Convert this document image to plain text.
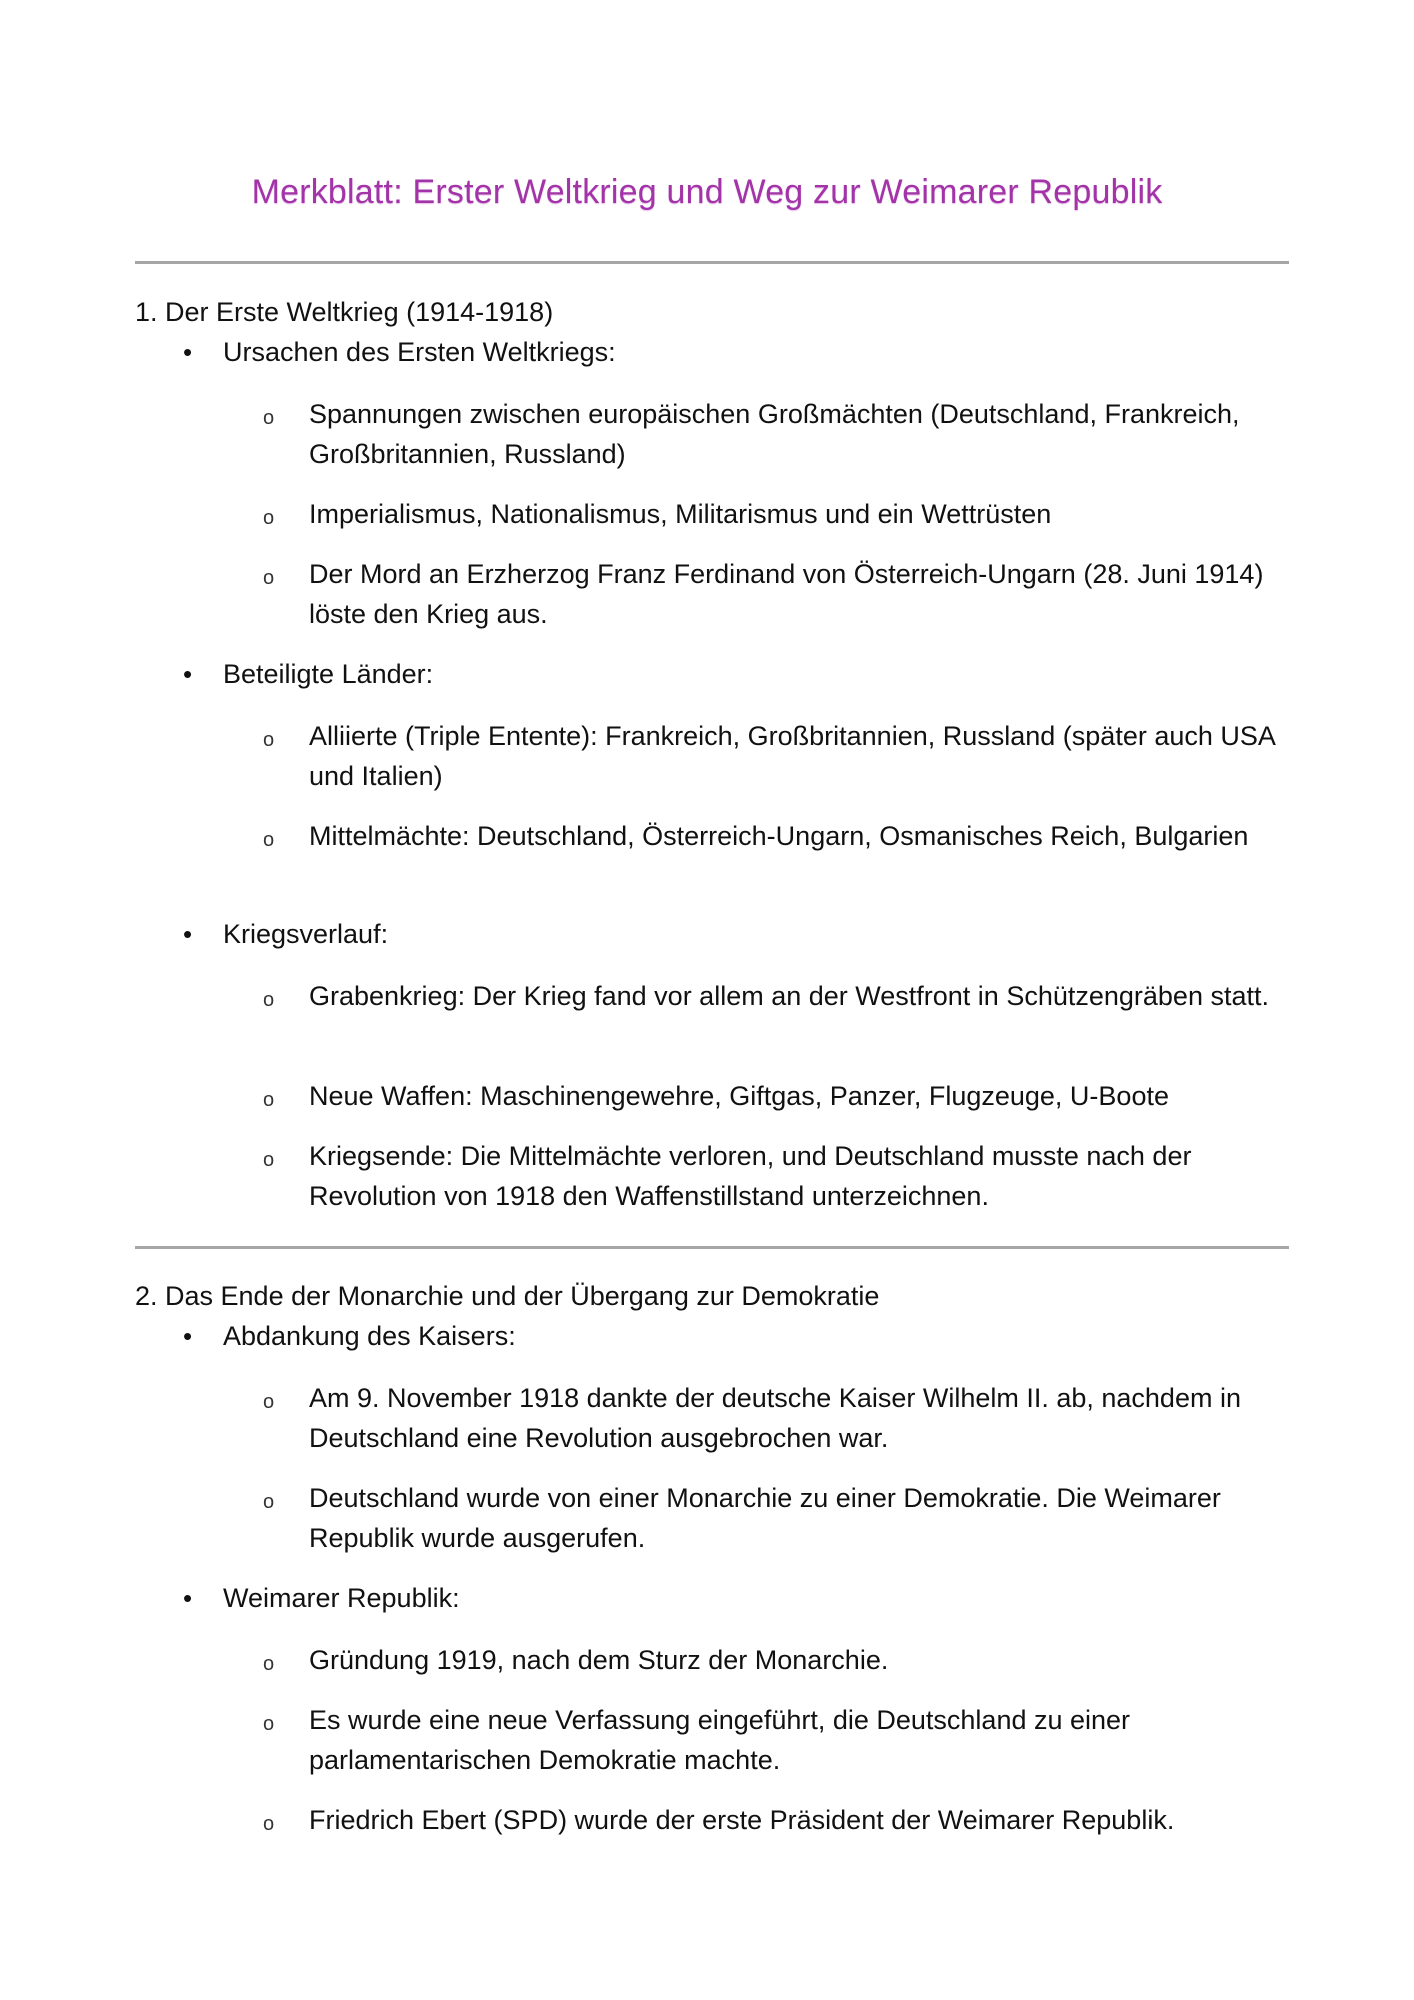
Merkblatt: Erster Weltkrieg und Weg zur Weimarer Republik
1. Der Erste Weltkrieg (1914-1918)
• Ursachen des Ersten Weltkriegs:
o Spannungen zwischen europäischen Großmächten (Deutschland, Frankreich, Großbritannien, Russland)
o Imperialismus, Nationalismus, Militarismus und ein Wettrüsten
o Der Mord an Erzherzog Franz Ferdinand von Österreich-Ungarn (28. Juni 1914) löste den Krieg aus.
• Beteiligte Länder:
o Alliierte (Triple Entente): Frankreich, Großbritannien, Russland (später auch USA und Italien)
o Mittelmächte: Deutschland, Österreich-Ungarn, Osmanisches Reich, Bulgarien
• Kriegsverlauf:
o Grabenkrieg: Der Krieg fand vor allem an der Westfront in Schützengräben statt.
o Neue Waffen: Maschinengewehre, Giftgas, Panzer, Flugzeuge, U-Boote
o Kriegsende: Die Mittelmächte verloren, und Deutschland musste nach der Revolution von 1918 den Waffenstillstand unterzeichnen.
2. Das Ende der Monarchie und der Übergang zur Demokratie
• Abdankung des Kaisers:
o Am 9. November 1918 dankte der deutsche Kaiser Wilhelm II. ab, nachdem in Deutschland eine Revolution ausgebrochen war.
o Deutschland wurde von einer Monarchie zu einer Demokratie. Die Weimarer Republik wurde ausgerufen.
• Weimarer Republik:
o Gründung 1919, nach dem Sturz der Monarchie.
o Es wurde eine neue Verfassung eingeführt, die Deutschland zu einer parlamentarischen Demokratie machte.
o Friedrich Ebert (SPD) wurde der erste Präsident der Weimarer Republik.
